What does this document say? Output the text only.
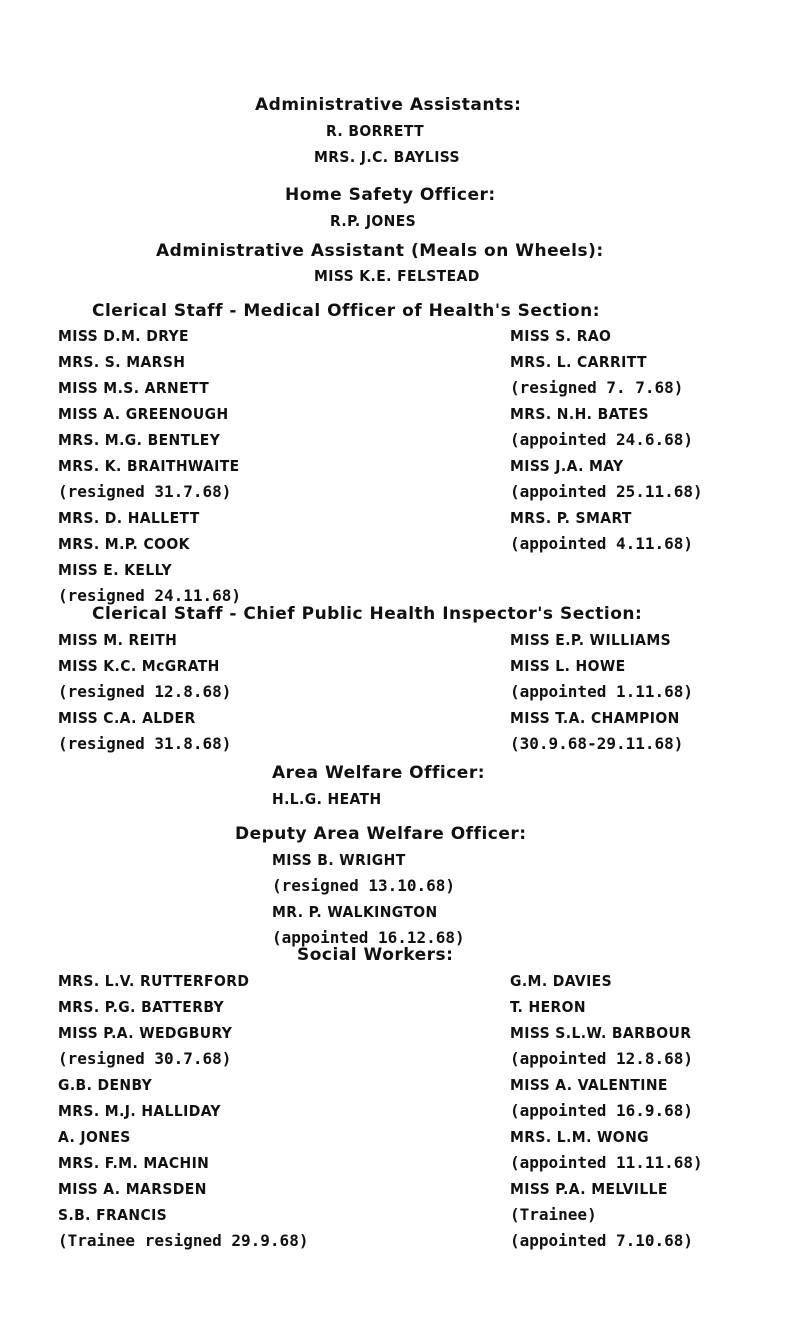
Administrative Assistants:
R. BORRETT
MRS. J.C. BAYLISS
Home Safety Officer:
R.P. JONES
Administrative Assistant (Meals on Wheels):
MISS K.E. FELSTEAD
Clerical Staff - Medical Officer of Health's Section:
MISS D.M. DRYE
MRS. S. MARSH
MISS M.S. ARNETT
MISS A. GREENOUGH
MRS. M.G. BENTLEY
MRS. K. BRAITHWAITE
(resigned 31.7.68)
MRS. D. HALLETT
MRS. M.P. COOK
MISS E. KELLY
(resigned 24.11.68)
MISS S. RAO
MRS. L. CARRITT
(resigned 7. 7.68)
MRS. N.H. BATES
(appointed 24.6.68)
MISS J.A. MAY
(appointed 25.11.68)
MRS. P. SMART
(appointed 4.11.68)
Clerical Staff - Chief Public Health Inspector's Section:
MISS M. REITH
MISS K.C. McGRATH
(resigned 12.8.68)
MISS C.A. ALDER
(resigned 31.8.68)
MISS E.P. WILLIAMS
MISS L. HOWE
(appointed 1.11.68)
MISS T.A. CHAMPION
(30.9.68-29.11.68)
Area Welfare Officer:
H.L.G. HEATH
Deputy Area Welfare Officer:
MISS B. WRIGHT
(resigned 13.10.68)
MR. P. WALKINGTON
(appointed 16.12.68)
Social Workers:
MRS. L.V. RUTTERFORD
MRS. P.G. BATTERBY
MISS P.A. WEDGBURY
(resigned 30.7.68)
G.B. DENBY
MRS. M.J. HALLIDAY
A. JONES
MRS. F.M. MACHIN
MISS A. MARSDEN
S.B. FRANCIS
(Trainee resigned 29.9.68)
G.M. DAVIES
T. HERON
MISS S.L.W. BARBOUR
(appointed 12.8.68)
MISS A. VALENTINE
(appointed 16.9.68)
MRS. L.M. WONG
(appointed 11.11.68)
MISS P.A. MELVILLE
(Trainee)
(appointed 7.10.68)
